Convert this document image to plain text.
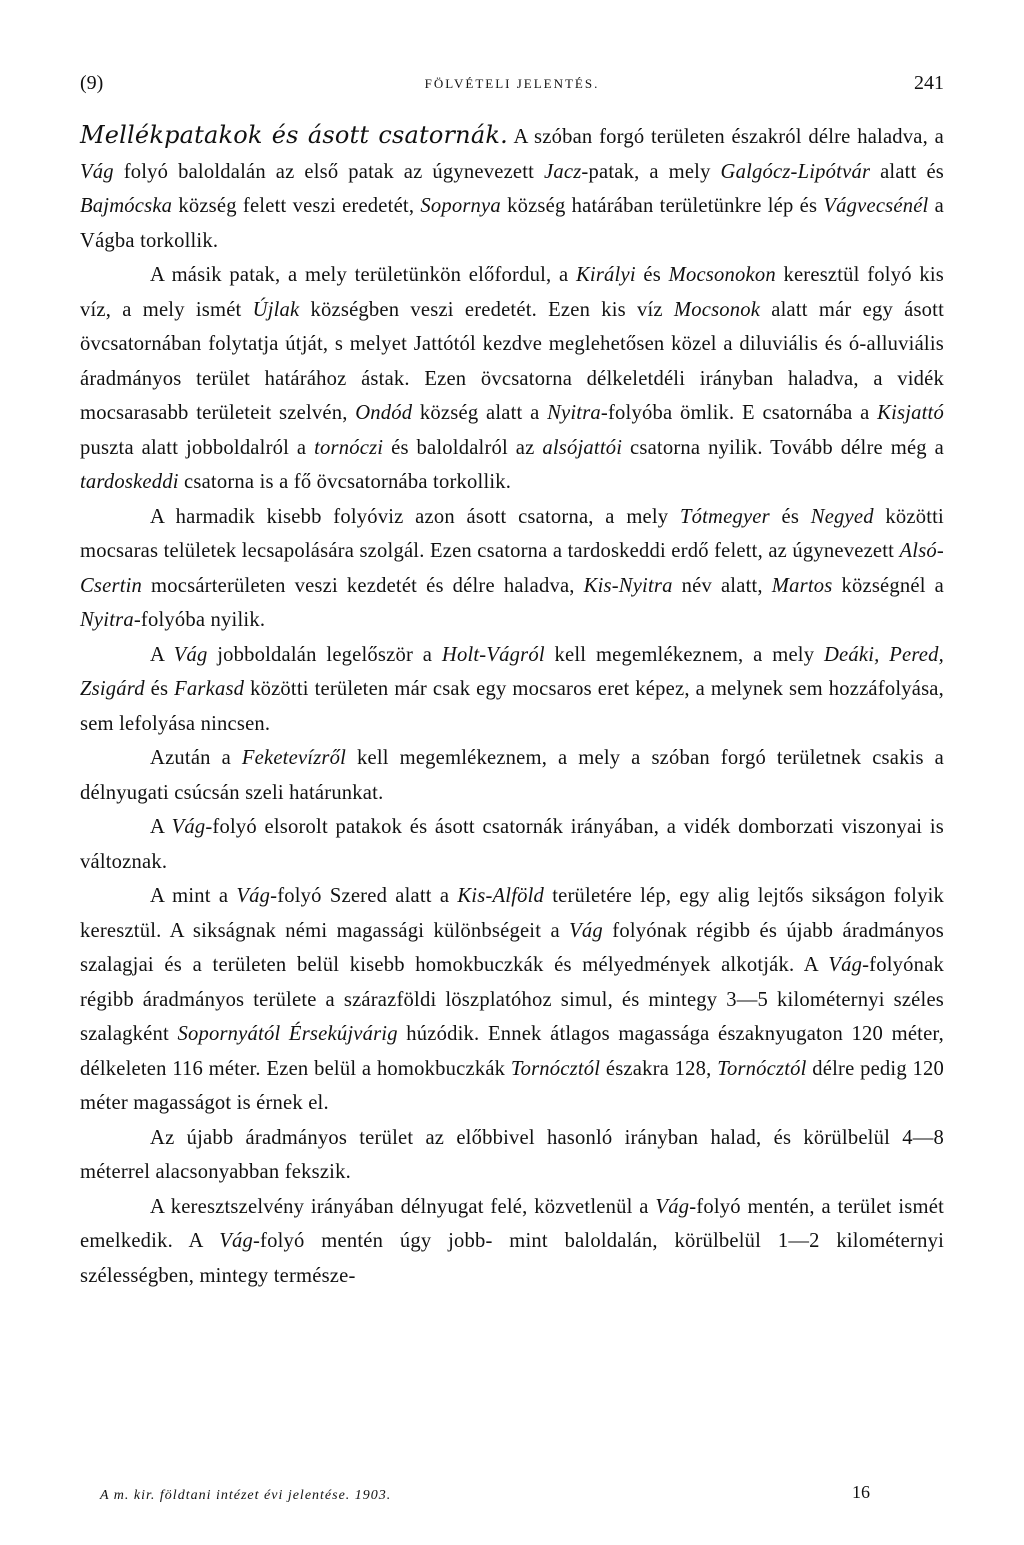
(9)	FÖLVÉTELI JELENTÉS.	241

Mellékpatakok és ásott csatornák. A szóban forgó területen északról délre haladva, a Vág folyó baloldalán az első patak az úgynevezett Jacz-patak, a mely Galgócz-Lipótvár alatt és Bajmócska község felett veszi eredetét, Sopornya község határában területünkre lép és Vágvecsénél a Vágba torkollik.

A másik patak, a mely területünkön előfordul, a Királyi és Mocsonokon keresztül folyó kis víz, a mely ismét Újlak községben veszi eredetét. Ezen kis víz Mocsonok alatt már egy ásott övcsatornában folytatja útját, s melyet Jattótól kezdve meglehetősen közel a diluviális és ó-alluviális áradmányos terület határához ástak. Ezen övcsatorna délkeletdéli irányban haladva, a vidék mocsarasabb területeit szelvén, Ondód község alatt a Nyitra-folyóba ömlik. E csatornába a Kisjattó puszta alatt jobboldalról a tornóczi és baloldalról az alsójattói csatorna nyilik. Tovább délre még a tardoskeddi csatorna is a fő övcsatornába torkollik.

A harmadik kisebb folyóviz azon ásott csatorna, a mely Tótmegyer és Negyed közötti mocsaras telületek lecsapolására szolgál. Ezen csatorna a tardoskeddi erdő felett, az úgynevezett Alsó-Csertin mocsárterületen veszi kezdetét és délre haladva, Kis-Nyitra név alatt, Martos községnél a Nyitra-folyóba nyilik.

A Vág jobboldalán legelőször a Holt-Vágról kell megemlékeznem, a mely Deáki, Pered, Zsigárd és Farkasd közötti területen már csak egy mocsaros eret képez, a melynek sem hozzáfolyása, sem lefolyása nincsen.

Azután a Feketevízről kell megemlékeznem, a mely a szóban forgó területnek csakis a délnyugati csúcsán szeli határunkat.

A Vág-folyó elsorolt patakok és ásott csatornák irányában, a vidék domborzati viszonyai is változnak.

A mint a Vág-folyó Szered alatt a Kis-Alföld területére lép, egy alig lejtős sikságon folyik keresztül. A sikságnak némi magassági különbségeit a Vág folyónak régibb és újabb áradmányos szalagjai és a területen belül kisebb homokbuczkák és mélyedmények alkotják. A Vág-folyónak régibb áradmányos területe a szárazföldi löszplatóhoz simul, és mintegy 3—5 kilométernyi széles szalagként Sopornyától Érsekújvárig húzódik. Ennek átlagos magassága északnyugaton 120 méter, délkeleten 116 méter. Ezen belül a homokbuczkák Tornócztól északra 128, Tornócztól délre pedig 120 méter magasságot is érnek el.

Az újabb áradmányos terület az előbbivel hasonló irányban halad, és körülbelül 4—8 méterrel alacsonyabban fekszik.

A keresztszelvény irányában délnyugat felé, közvetlenül a Vág-folyó mentén, a terület ismét emelkedik. A Vág-folyó mentén úgy jobb- mint baloldalán, körülbelül 1—2 kilométernyi szélességben, mintegy természe-

A m. kir. földtani intézet évi jelentése. 1903.	16
